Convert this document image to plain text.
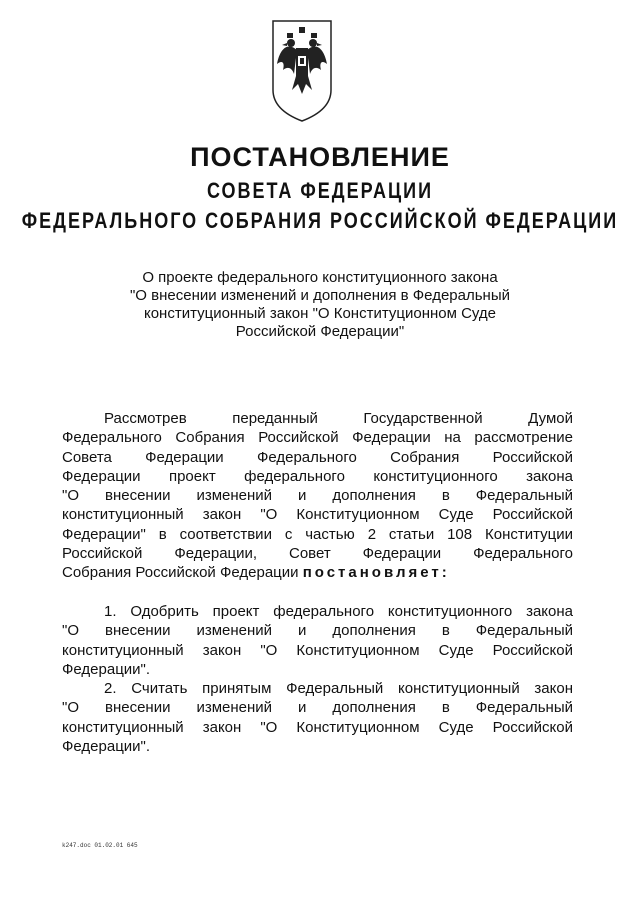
ПОСТАНОВЛЕНИЕ
СОВЕТА ФЕДЕРАЦИИ
ФЕДЕРАЛЬНОГО СОБРАНИЯ РОССИЙСКОЙ ФЕДЕРАЦИИ

О проекте федерального конституционного закона
"О внесении изменений и дополнения в Федеральный
конституционный закон "О Конституционном Суде
Российской Федерации"

Рассмотрев переданный Государственной Думой
Федерального Собрания Российской Федерации на рассмотрение
Совета Федерации Федерального Собрания Российской
Федерации проект федерального конституционного закона
"О внесении изменений и дополнения в Федеральный
конституционный закон "О Конституционном Суде Российской
Федерации" в соответствии с частью 2 статьи 108 Конституции
Российской Федерации, Совет Федерации Федерального
Собрания Российской Федерации постановляет:

1. Одобрить проект федерального конституционного закона
"О внесении изменений и дополнения в Федеральный
конституционный закон "О Конституционном Суде Российской
Федерации".

2. Считать принятым Федеральный конституционный закон
"О внесении изменений и дополнения в Федеральный
конституционный закон "О Конституционном Суде Российской
Федерации".

k247.doc 01.02.01 645
